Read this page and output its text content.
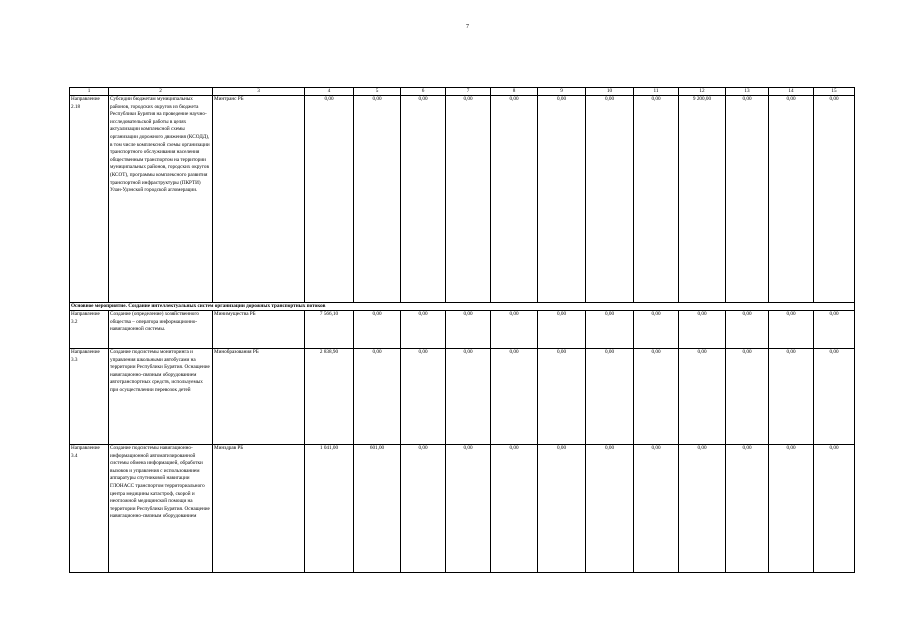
7
1	2	3	4	5	6	7	8	9	10	11	12	13	14	15
Направление 2.18	Субсидии бюджетам муниципальных районов, городских округов из бюджета Республики Бурятия на проведение научно-исследовательской работы в целях актуализации комплексной схемы организации дорожного движения (КСОДД), в том числе комплексной схемы организации транспортного обслуживания населения общественным транспортом на территории муниципальных районов, городских округов (КСОТ), программы комплексного развития транспортной инфраструктуры (ПКРТИ) Улан-Удэнской городской агломерации.	Минтранс РБ	0,00	0,00	0,00	0,00	0,00	0,00	0,00	0,00	9 200,00	0,00	0,00	0,00
Основное мероприятие. Создание интеллектуальных систем организации дорожных транспортных потоков														
Направление 3.2	Создание (определение) хозяйственного общества – оператора информационно-навигационной системы.	Минимущества РБ	7 566,10	0,00	0,00	0,00	0,00	0,00	0,00	0,00	0,00	0,00	0,00	0,00
Направление 3.3	Создание подсистемы мониторинга и управления школьными автобусами на территории Республики Бурятия. Оснащение навигационно-связным оборудованием автотранспортных средств, используемых при осуществлении перевозок детей	Минобразования РБ	2 838,90	0,00	0,00	0,00	0,00	0,00	0,00	0,00	0,00	0,00	0,00	0,00
Направление 3.4	Создание подсистемы навигационно-информационной автоматизированной системы обмена информацией, обработки вызовов и управления с использованием аппаратуры спутниковой навигации ГЛОНАСС транспортом территориального центра медицины катастроф, скорой и неотложной медицинской помощи на территории Республики Бурятия. Оснащение навигационно-связным оборудованием	Минздрав РБ	1 041,00	601,00	0,00	0,00	0,00	0,00	0,00	0,00	0,00	0,00	0,00	0,00
